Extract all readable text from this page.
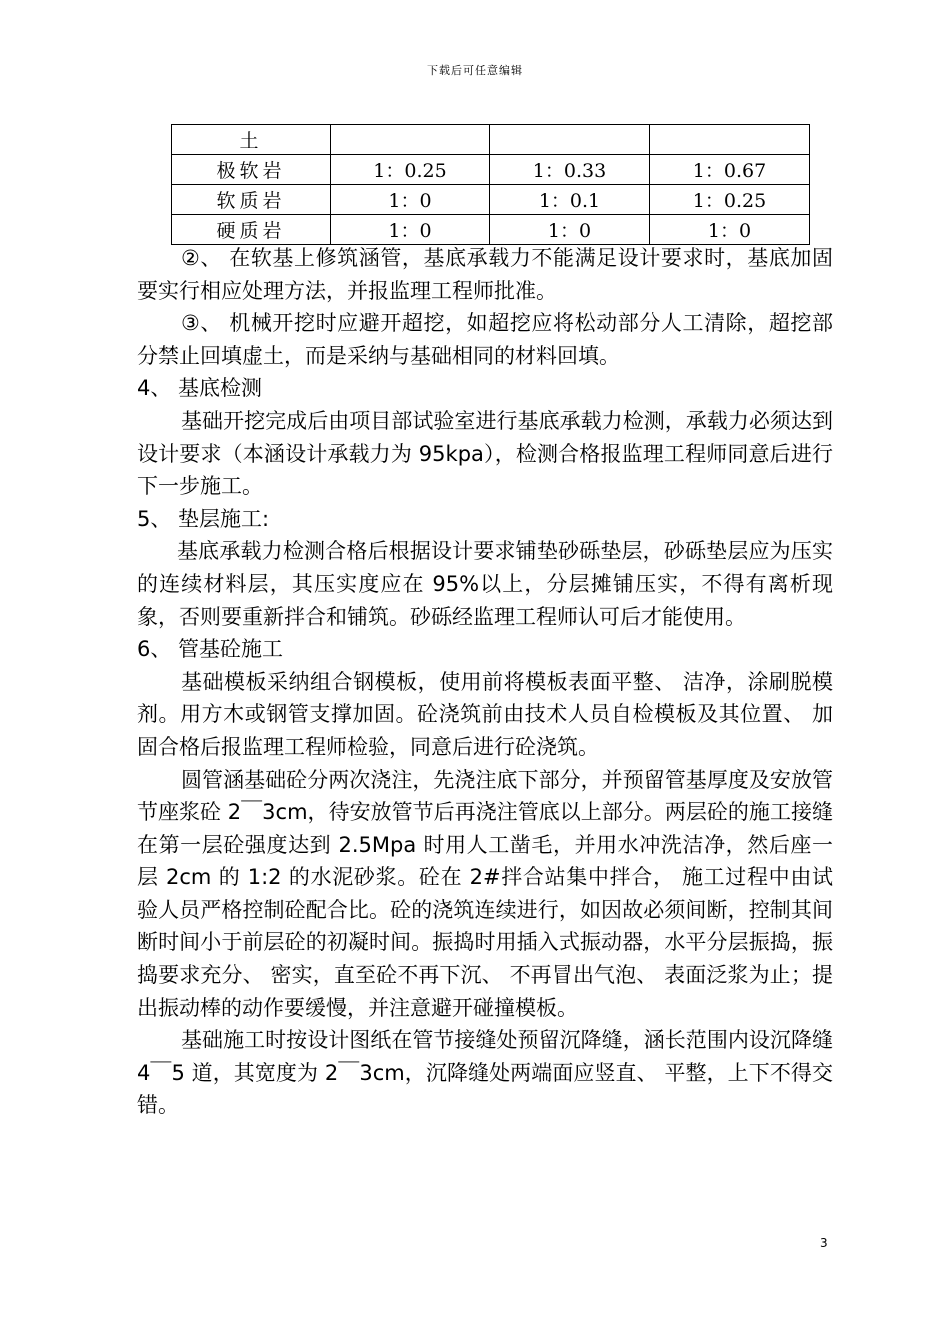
下载后可任意编辑
土			
极软岩	1：0.25	1：0.33	1：0.67
软质岩	1：0	1：0.1	1：0.25
硬质岩	1：0	1：0	1：0

②、 在软基上修筑涵管，基底承载力不能满足设计要求时，基底加固要实行相应处理方法，并报监理工程师批准。

③、 机械开挖时应避开超挖，如超挖应将松动部分人工清除，超挖部分禁止回填虚土，而是采纳与基础相同的材料回填。

4、 基底检测

基础开挖完成后由项目部试验室进行基底承载力检测，承载力必须达到设计要求（本涵设计承载力为 95kpa），检测合格报监理工程师同意后进行下一步施工。

5、 垫层施工:

基底承载力检测合格后根据设计要求铺垫砂砾垫层，砂砾垫层应为压实的连续材料层，其压实度应在 95%以上，分层摊铺压实，不得有离析现象，否则要重新拌合和铺筑。砂砾经监理工程师认可后才能使用。

6、 管基砼施工

基础模板采纳组合钢模板，使用前将模板表面平整、 洁净，涂刷脱模剂。用方木或钢管支撑加固。砼浇筑前由技术人员自检模板及其位置、 加固合格后报监理工程师检验，同意后进行砼浇筑。

圆管涵基础砼分两次浇注，先浇注底下部分，并预留管基厚度及安放管节座浆砼 2￣3cm，待安放管节后再浇注管底以上部分。两层砼的施工接缝在第一层砼强度达到 2.5Mpa 时用人工凿毛，并用水冲洗洁净，然后座一层 2cm 的 1:2 的水泥砂浆。砼在 2#拌合站集中拌合， 施工过程中由试验人员严格控制砼配合比。砼的浇筑连续进行，如因故必须间断，控制其间断时间小于前层砼的初凝时间。振捣时用插入式振动器，水平分层振捣，振捣要求充分、 密实，直至砼不再下沉、 不再冒出气泡、 表面泛浆为止；提出振动棒的动作要缓慢，并注意避开碰撞模板。

基础施工时按设计图纸在管节接缝处预留沉降缝，涵长范围内设沉降缝 4￣5 道，其宽度为 2￣3cm，沉降缝处两端面应竖直、 平整，上下不得交错。

3
